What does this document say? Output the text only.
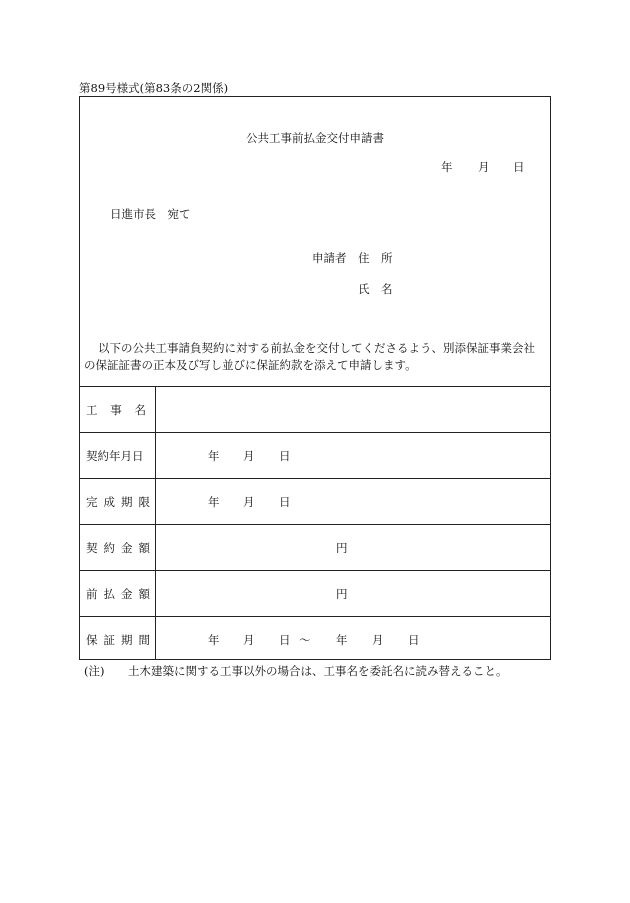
第89号様式(第83条の2関係)
公共工事前払金交付申請書
年 月 日
日進市長　宛て
申請者 住　所
氏　名
以下の公共工事請負契約に対する前払金を交付してくださるよう、別添保証事業会社
の保証証書の正本及び写し並びに保証約款を添えて申請します。
工 事 名
契約年月日	年 月 日
完 成 期 限	年 月 日
契 約 金 額	円
前 払 金 額	円
保 証 期 間	年 月 日 ～ 年 月 日
(注) 土木建築に関する工事以外の場合は、工事名を委託名に読み替えること。
